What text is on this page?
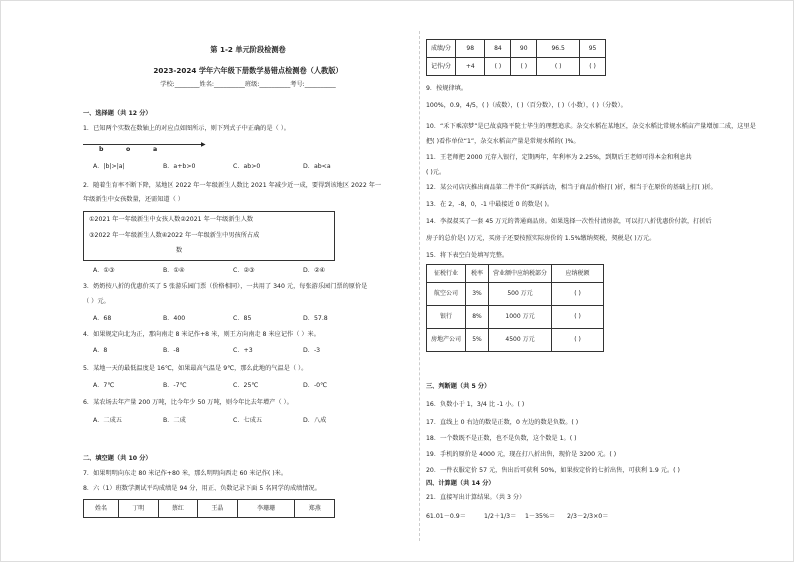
第 1-2 单元阶段检测卷
2023-2024 学年六年级下册数学易错点检测卷（人教版）
学校:________姓名:__________班级:__________考号:__________
一、选择题（共 12 分）
1．已知两个实数在数轴上的对应点如图所示，则下列式子中正确的是（ ）。
▶
b	o	a
A．|b|>|a|	B．a+b>0	C．ab>0	D．ab<a
2．随着生育率不断下降，某地区 2022 年一年级新生人数比 2021 年减少近一成，要得到该地区 2022 年一
年级新生中女孩数量，还需知道（ ）
①2021 年一年级新生中女孩人数②2021 年一年级新生人数
③2022 年一年级新生人数④2022 年一年级新生中男孩所占成
数
A．①③	B．①④	C．②③	D．②④
3．奶奶按八折的优惠价买了 5 张游乐园门票（价格相同），一共用了 340 元，每张游乐园门票的原价是
（ ）元。
A．68	B．400	C．85	D．57.8
4．如果规定向北为正，那向南走 8 米记作+8 米，则王方向南走 8 米应记作（ ）米。
A．8	B．-8	C．+3	D．-3
5．某地一天的最低温度是 16℃，如果最高气温是 9℃，那么此地的气温是（ ）。
A．7℃	B．-7℃	C．25℃	D．-0℃
6．某农场去年产量 200 万吨，比今年少 50 万吨，则今年比去年增产（ ）。
A．二成五	B．二成	C．七成五	D．八成
二、填空题（共 10 分）
7．如果明明向东走 80 米记作+80 米，那么明明向西走 60 米记作( )米。
8．六（1）班数学测试平均成绩是 94 分，用正、负数记录下面 5 名同学的成绩情况。
姓名	丁明	蔡红	王晶	李珊珊	郑燕
成绩/分	98	84	90	96.5	95
记作/分	+4	( )	( )	( )	( )
9．按规律填。
100%，0.9，4/5，( )（成数），( )（百分数），( )（小数），( )（分数）。
10．“禾下乘凉梦”是已故袁隆平院士毕生的理想追求。杂交水稻在某地区，杂交水稻比常规水稻亩产量增加二成，这里是
把( )看作单位“1”，杂交水稻亩产量是常规水稻的( )%。
11．王老师把 2000 元存入银行，定期两年，年利率为 2.25%，到期后王老师可得本金和利息共
( )元。
12．某公司店庆推出商品第二件半价“买鲜活动，相当于商品价格打( )折，相当于在原价的基础上打( )折。
13．在 2，-8，0，-1 中最接近 0 的数是( )。
14．李叔叔买了一套 45 万元的普通商品房。如果选择一次性付清房款，可以打八折优惠价付款，打折后
房子的总价是( )万元，买房子还要按照实际房价的 1.5%缴纳契税，契税是( )万元。
15．将下表空白处填写完整。
征税行业	税率	营业额中应纳税部分	应纳税额
航空公司	3%	500 万元	( )
银行	8%	1000 万元	( )
房地产公司	5%	4500 万元	( )
三、判断题（共 5 分）
16．负数小于 1，3/4 比 -1 小。( )
17．直线上 0 右边的数是正数，0 左边的数是负数。( )
18．一个数既不是正数，也不是负数，这个数是 1。( )
19．手机的原价是 4000 元，现在打八折出售，现价是 3200 元。( )
20．一件衣服定价 57 元，售出后可获利 50%，如果按定价的七折出售，可获利 1.9 元。( )
四、计算题（共 14 分）
21．直接写出计算结果。（共 3 分）
61.01－0.9＝	1/2＋1/3＝ 1－35%＝ 2/3－2/3×0＝
